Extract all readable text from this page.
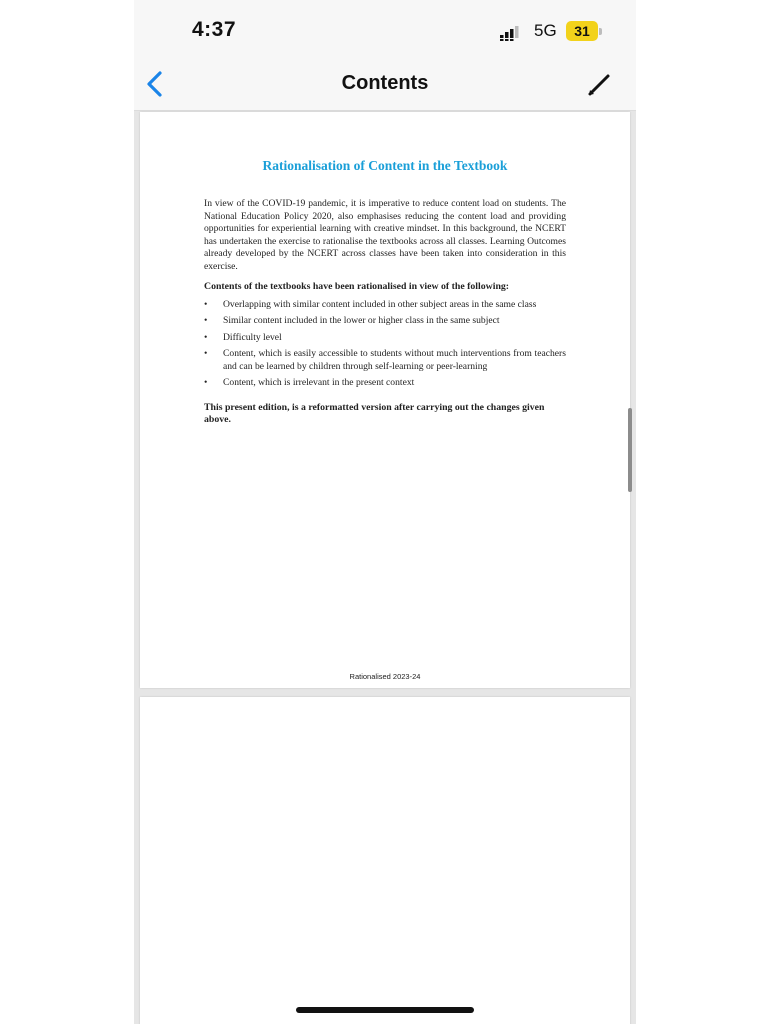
4:37	5G	31
Contents
Rationalisation of Content in the Textbook

In view of the COVID-19 pandemic, it is imperative to reduce content load on students. The National Education Policy 2020, also emphasises reducing the content load and providing opportunities for experiential learning with creative mindset. In this background, the NCERT has undertaken the exercise to rationalise the textbooks across all classes. Learning Outcomes already developed by the NCERT across classes have been taken into consideration in this exercise.

Contents of the textbooks have been rationalised in view of the following:

• Overlapping with similar content included in other subject areas in the same class
• Similar content included in the lower or higher class in the same subject
• Difficulty level
• Content, which is easily accessible to students without much interventions from teachers and can be learned by children through self-learning or peer-learning
• Content, which is irrelevant in the present context

This present edition, is a reformatted version after carrying out the changes given above.

Rationalised 2023-24
